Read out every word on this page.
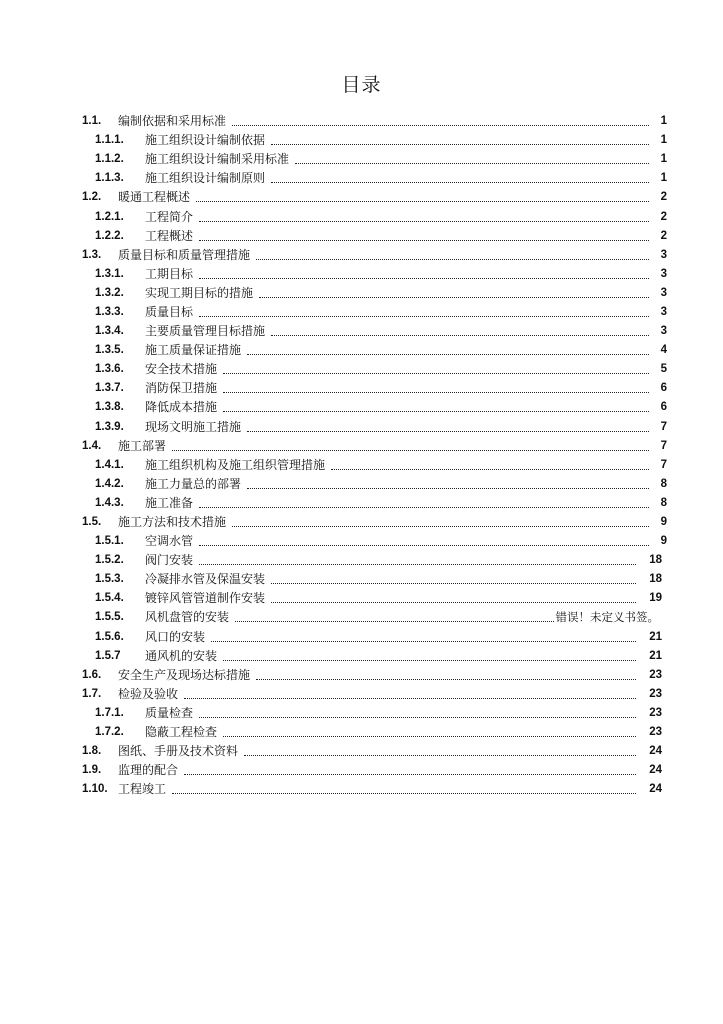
目录
1.1.	编制依据和采用标准	1
1.1.1.	施工组织设计编制依据	1
1.1.2.	施工组织设计编制采用标准	1
1.1.3.	施工组织设计编制原则	1
1.2.	暖通工程概述	2
1.2.1.	工程简介	2
1.2.2.	工程概述	2
1.3.	质量目标和质量管理措施	3
1.3.1.	工期目标	3
1.3.2.	实现工期目标的措施	3
1.3.3.	质量目标	3
1.3.4.	主要质量管理目标措施	3
1.3.5.	施工质量保证措施	4
1.3.6.	安全技术措施	5
1.3.7.	消防保卫措施	6
1.3.8.	降低成本措施	6
1.3.9.	现场文明施工措施	7
1.4.	施工部署	7
1.4.1.	施工组织机构及施工组织管理措施	7
1.4.2.	施工力量总的部署	8
1.4.3.	施工准备	8
1.5.	施工方法和技术措施	9
1.5.1.	空调水管	9
1.5.2.	阀门安装	18
1.5.3.	冷凝排水管及保温安装	18
1.5.4.	镀锌风管管道制作安装	19
1.5.5.	风机盘管的安装	错误！未定义书签。
1.5.6.	风口的安装	21
1.5.7	通风机的安装	21
1.6.	安全生产及现场达标措施	23
1.7.	检验及验收	23
1.7.1.	质量检查	23
1.7.2.	隐蔽工程检查	23
1.8.	图纸、手册及技术资料	24
1.9.	监理的配合	24
1.10. 工程竣工	24
